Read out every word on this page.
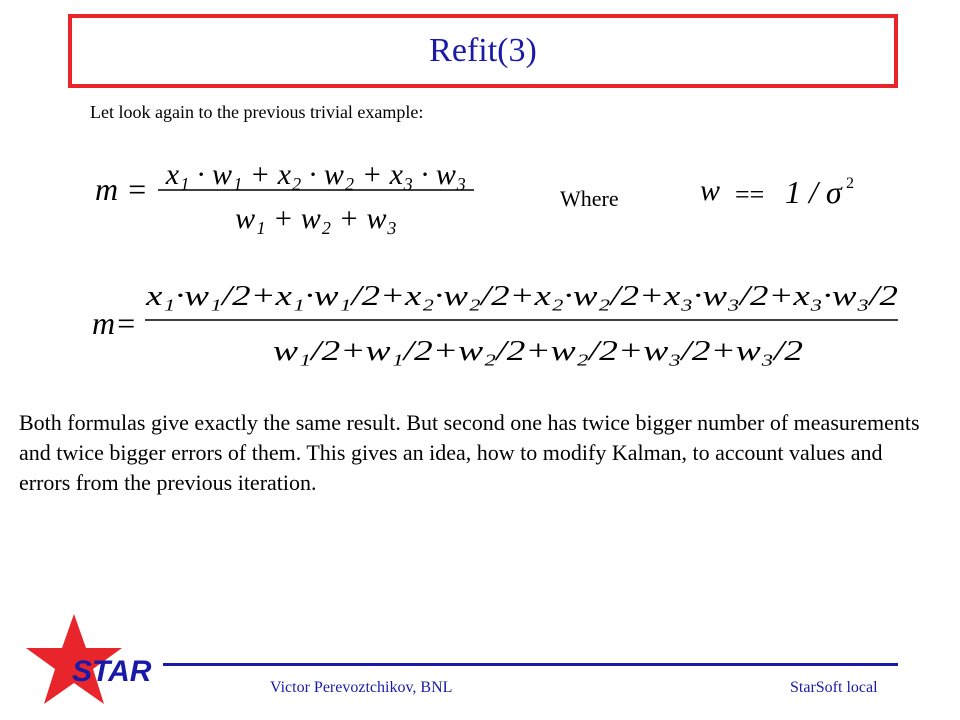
Refit(3)
Let look again to the previous trivial example:
Where
m = x₁ · w₁ + x₂ · w₂ + x₃ · w₃
w₁ + w₂ + w₃
w == 1 / σ 2
m=
x₁·w₁/2+x₁·w₁/2+x₂·w₂/2+x₂·w₂/2+x₃·w₃/2+x₃·w₃/2
w₁/2+w₁/2+w₂/2+w₂/2+w₃/2+w₃/2
Both formulas give exactly the same result. But second one has twice bigger number of measurements and twice bigger errors of them. This gives an idea, how to modify Kalman, to account values and errors from the previous iteration.
Victor Perevoztchikov, BNL	StarSoft local
STAR
